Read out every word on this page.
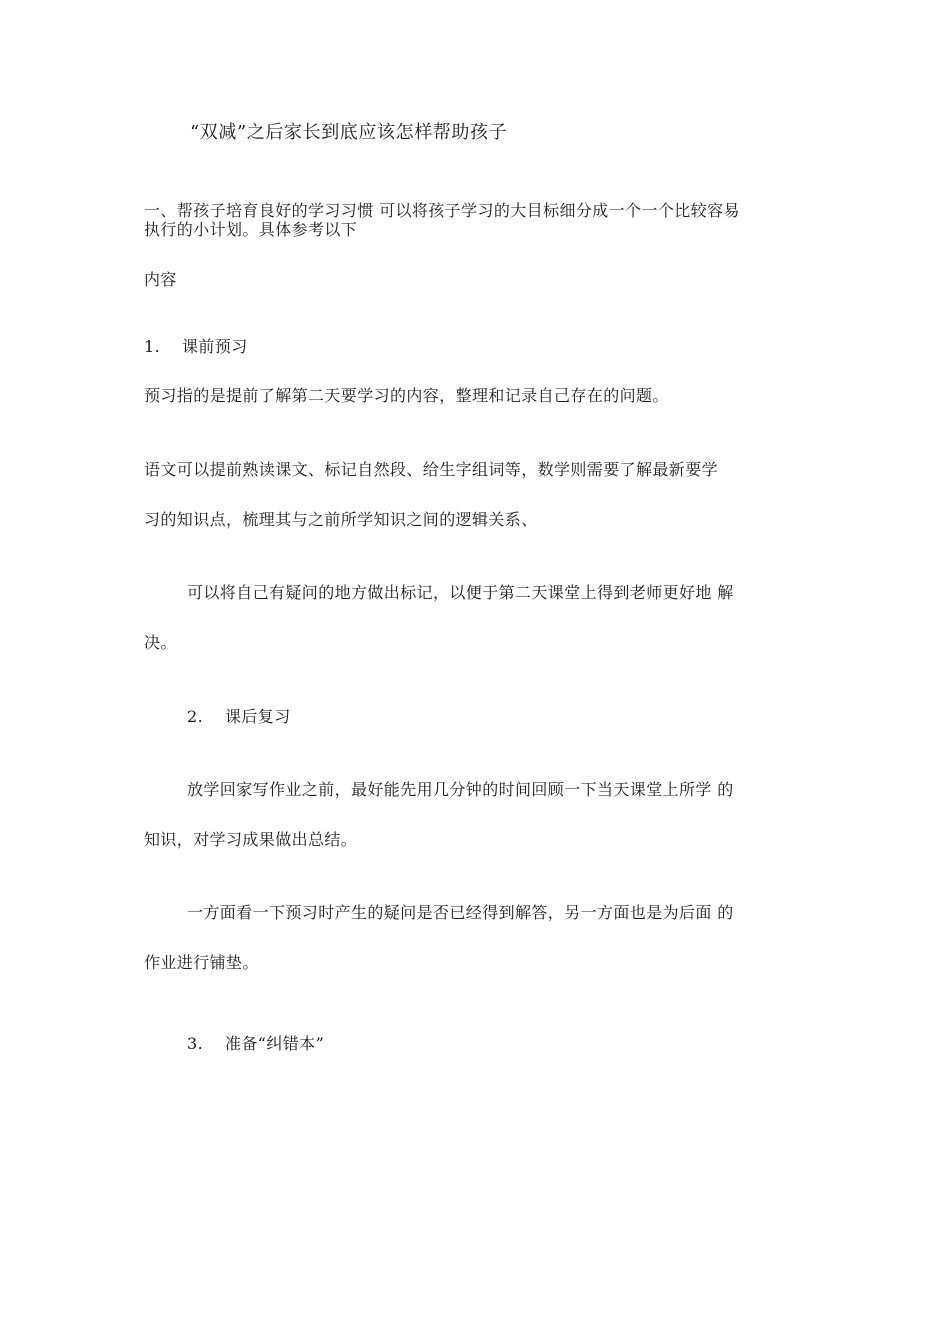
“双减”之后家长到底应该怎样帮助孩子
一、帮孩子培育良好的学习习惯 可以将孩子学习的大目标细分成一个一个比较容易
执行的小计划。具体参考以下
内容
1. 课前预习
预习指的是提前了解第二天要学习的内容，整理和记录自己存在的问题。
语文可以提前熟读课文、标记自然段、给生字组词等，数学则需要了解最新要学
习的知识点，梳理其与之前所学知识之间的逻辑关系、
可以将自己有疑问的地方做出标记，以便于第二天课堂上得到老师更好地 解
决。
2. 课后复习
放学回家写作业之前，最好能先用几分钟的时间回顾一下当天课堂上所学 的
知识，对学习成果做出总结。
一方面看一下预习时产生的疑问是否已经得到解答，另一方面也是为后面 的
作业进行铺垫。
3. 准备“纠错本”
